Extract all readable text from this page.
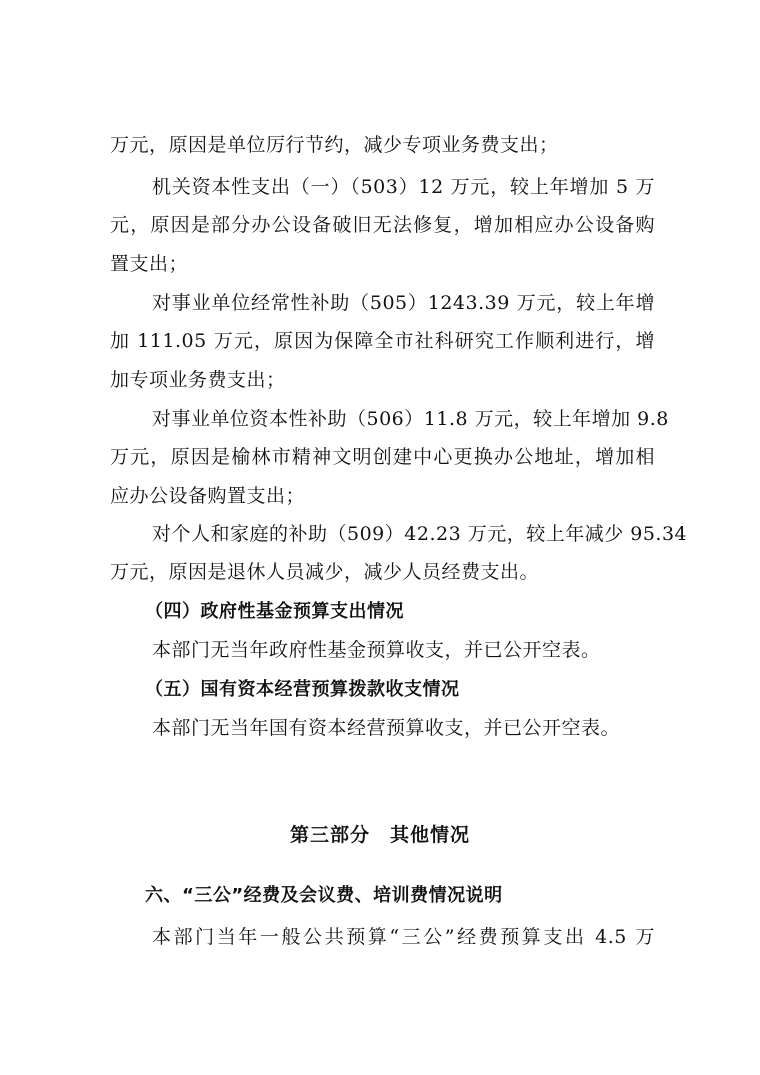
万元，原因是单位厉行节约，减少专项业务费支出；
机关资本性支出（一）（503）12 万元，较上年增加 5 万
元，原因是部分办公设备破旧无法修复，增加相应办公设备购
置支出；
对事业单位经常性补助（505）1243.39 万元，较上年增
加 111.05 万元，原因为保障全市社科研究工作顺利进行，增
加专项业务费支出；
对事业单位资本性补助（506）11.8 万元，较上年增加 9.8
万元，原因是榆林市精神文明创建中心更换办公地址，增加相
应办公设备购置支出；
对个人和家庭的补助（509）42.23 万元，较上年减少 95.34
万元，原因是退休人员减少，减少人员经费支出。
（四）政府性基金预算支出情况
本部门无当年政府性基金预算收支，并已公开空表。
（五）国有资本经营预算拨款收支情况
本部门无当年国有资本经营预算收支，并已公开空表。
第三部分　其他情况
六、“三公”经费及会议费、培训费情况说明
本部门当年一般公共预算“三公”经费预算支出 4.5 万
